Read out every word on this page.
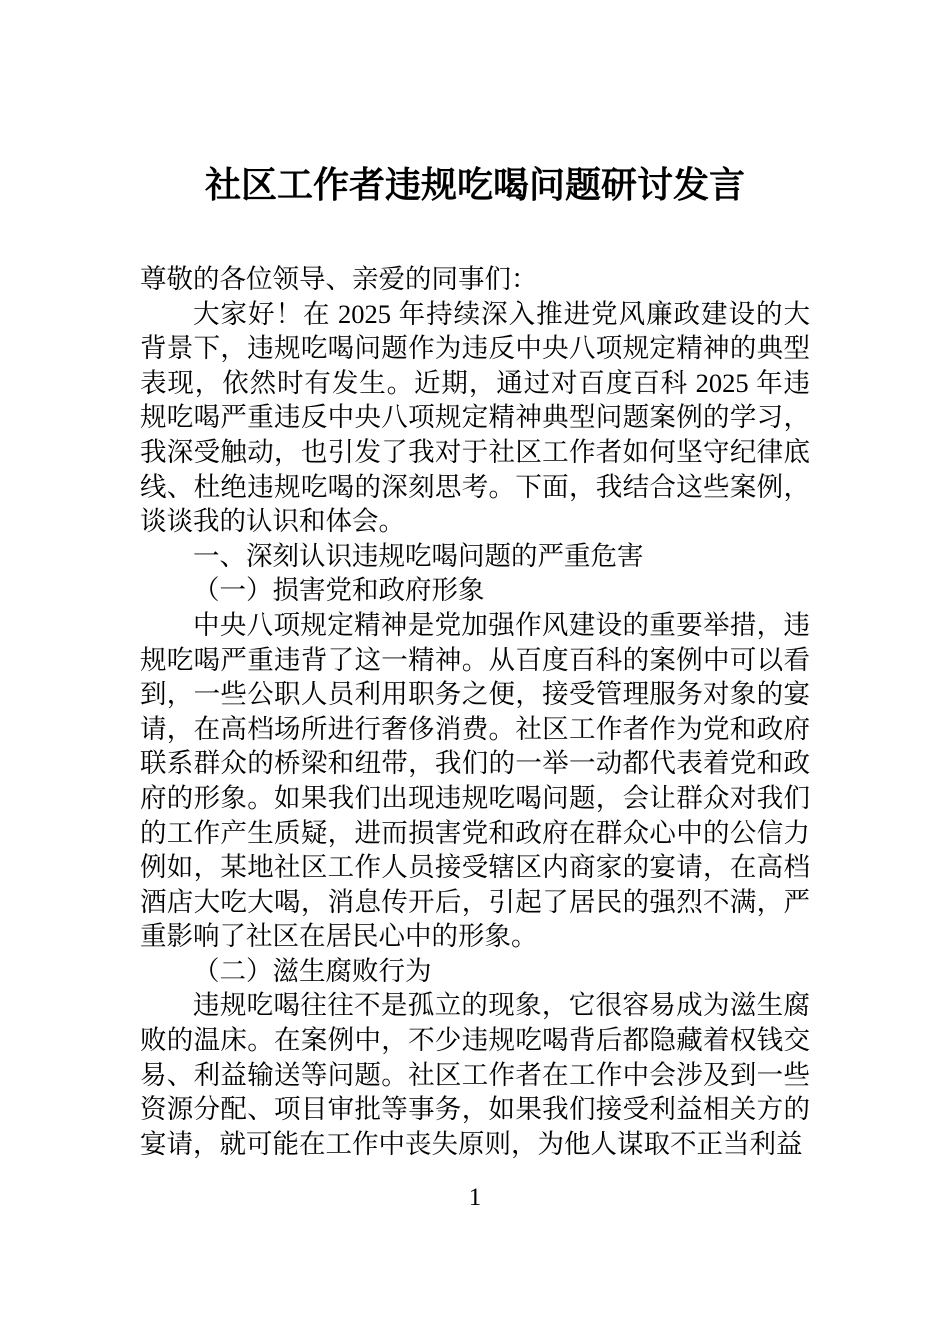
社区工作者违规吃喝问题研讨发言

尊敬的各位领导、亲爱的同事们：

大家好！在 2025 年持续深入推进党风廉政建设的大背景下，违规吃喝问题作为违反中央八项规定精神的典型表现，依然时有发生。近期，通过对百度百科 2025 年违规吃喝严重违反中央八项规定精神典型问题案例的学习，我深受触动，也引发了我对于社区工作者如何坚守纪律底线、杜绝违规吃喝的深刻思考。下面，我结合这些案例，谈谈我的认识和体会。

一、深刻认识违规吃喝问题的严重危害

（一）损害党和政府形象

中央八项规定精神是党加强作风建设的重要举措，违规吃喝严重违背了这一精神。从百度百科的案例中可以看到，一些公职人员利用职务之便，接受管理服务对象的宴请，在高档场所进行奢侈消费。社区工作者作为党和政府联系群众的桥梁和纽带，我们的一举一动都代表着党和政府的形象。如果我们出现违规吃喝问题，会让群众对我们的工作产生质疑，进而损害党和政府在群众心中的公信力例如，某地社区工作人员接受辖区内商家的宴请，在高档酒店大吃大喝，消息传开后，引起了居民的强烈不满，严重影响了社区在居民心中的形象。

（二）滋生腐败行为

违规吃喝往往不是孤立的现象，它很容易成为滋生腐败的温床。在案例中，不少违规吃喝背后都隐藏着权钱交易、利益输送等问题。社区工作者在工作中会涉及到一些资源分配、项目审批等事务，如果我们接受利益相关方的宴请，就可能在工作中丧失原则，为他人谋取不正当利益

1
